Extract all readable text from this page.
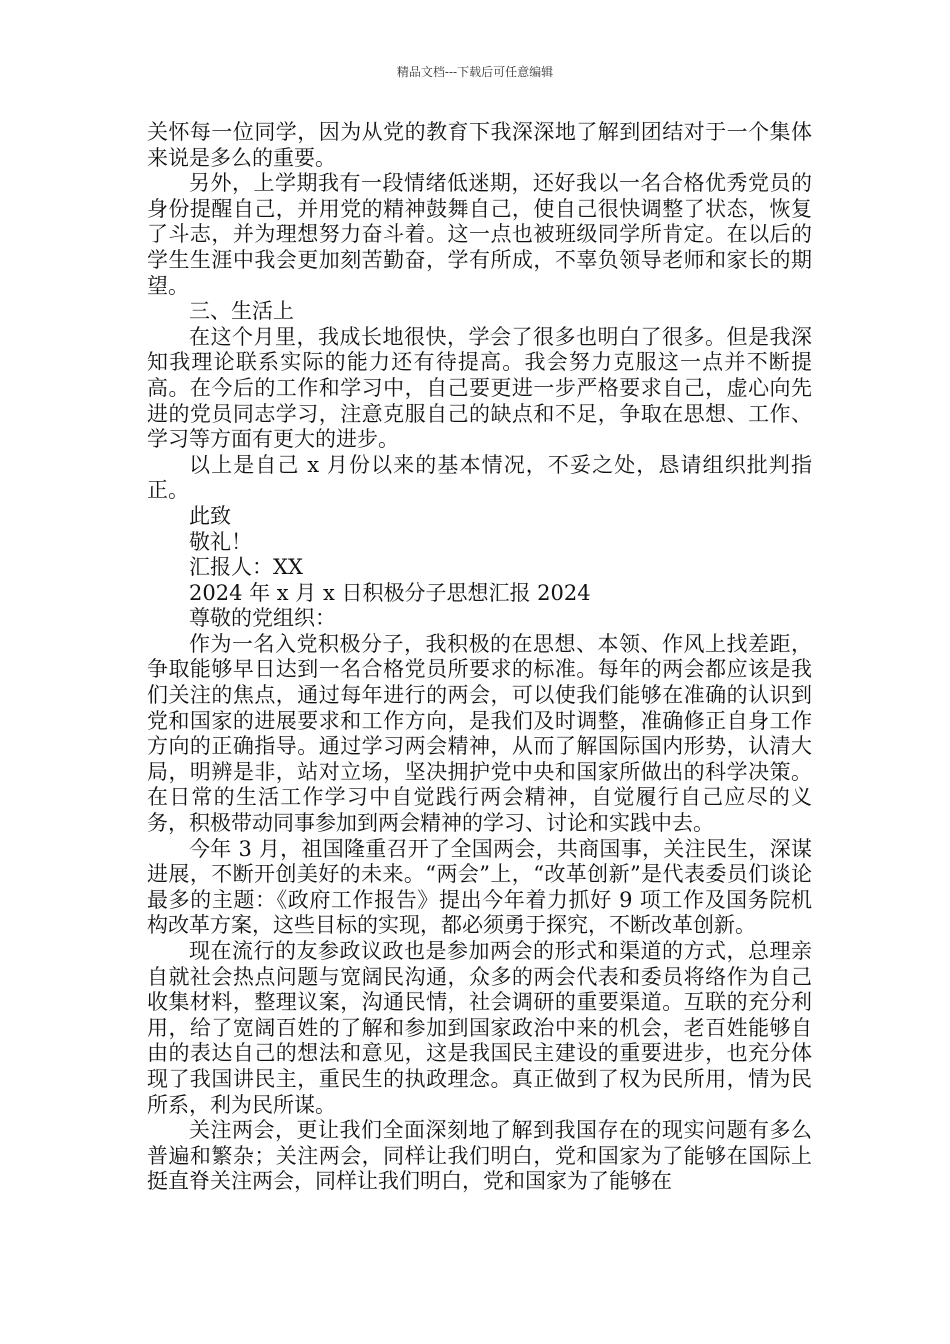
精品文档---下载后可任意编辑

关怀每一位同学，因为从党的教育下我深深地了解到团结对于一个集体来说是多么的重要。

另外，上学期我有一段情绪低迷期，还好我以一名合格优秀党员的身份提醒自己，并用党的精神鼓舞自己，使自己很快调整了状态，恢复了斗志，并为理想努力奋斗着。这一点也被班级同学所肯定。在以后的学生生涯中我会更加刻苦勤奋，学有所成，不辜负领导老师和家长的期望。

三、生活上

在这个月里，我成长地很快，学会了很多也明白了很多。但是我深知我理论联系实际的能力还有待提高。我会努力克服这一点并不断提高。在今后的工作和学习中，自己要更进一步严格要求自己，虚心向先进的党员同志学习，注意克服自己的缺点和不足，争取在思想、工作、学习等方面有更大的进步。

以上是自己 x 月份以来的基本情况，不妥之处，恳请组织批判指正。

此致

敬礼！

汇报人：XX

2024 年 x 月 x 日积极分子思想汇报 2024

尊敬的党组织：

作为一名入党积极分子，我积极的在思想、本领、作风上找差距，争取能够早日达到一名合格党员所要求的标准。每年的两会都应该是我们关注的焦点，通过每年进行的两会，可以使我们能够在准确的认识到党和国家的进展要求和工作方向，是我们及时调整，准确修正自身工作方向的正确指导。通过学习两会精神，从而了解国际国内形势，认清大局，明辨是非，站对立场，坚决拥护党中央和国家所做出的科学决策。在日常的生活工作学习中自觉践行两会精神，自觉履行自己应尽的义务，积极带动同事参加到两会精神的学习、讨论和实践中去。

今年 3 月，祖国隆重召开了全国两会，共商国事，关注民生，深谋进展，不断开创美好的未来。“两会”上，“改革创新”是代表委员们谈论最多的主题：《政府工作报告》提出今年着力抓好 9 项工作及国务院机构改革方案，这些目标的实现，都必须勇于探究，不断改革创新。

现在流行的友参政议政也是参加两会的形式和渠道的方式，总理亲自就社会热点问题与宽阔民沟通，众多的两会代表和委员将络作为自己收集材料，整理议案，沟通民情，社会调研的重要渠道。互联的充分利用，给了宽阔百姓的了解和参加到国家政治中来的机会，老百姓能够自由的表达自己的想法和意见，这是我国民主建设的重要进步，也充分体现了我国讲民主，重民生的执政理念。真正做到了权为民所用，情为民所系，利为民所谋。

关注两会，更让我们全面深刻地了解到我国存在的现实问题有多么普遍和繁杂；关注两会，同样让我们明白，党和国家为了能够在国际上挺直脊关注两会，同样让我们明白，党和国家为了能够在
